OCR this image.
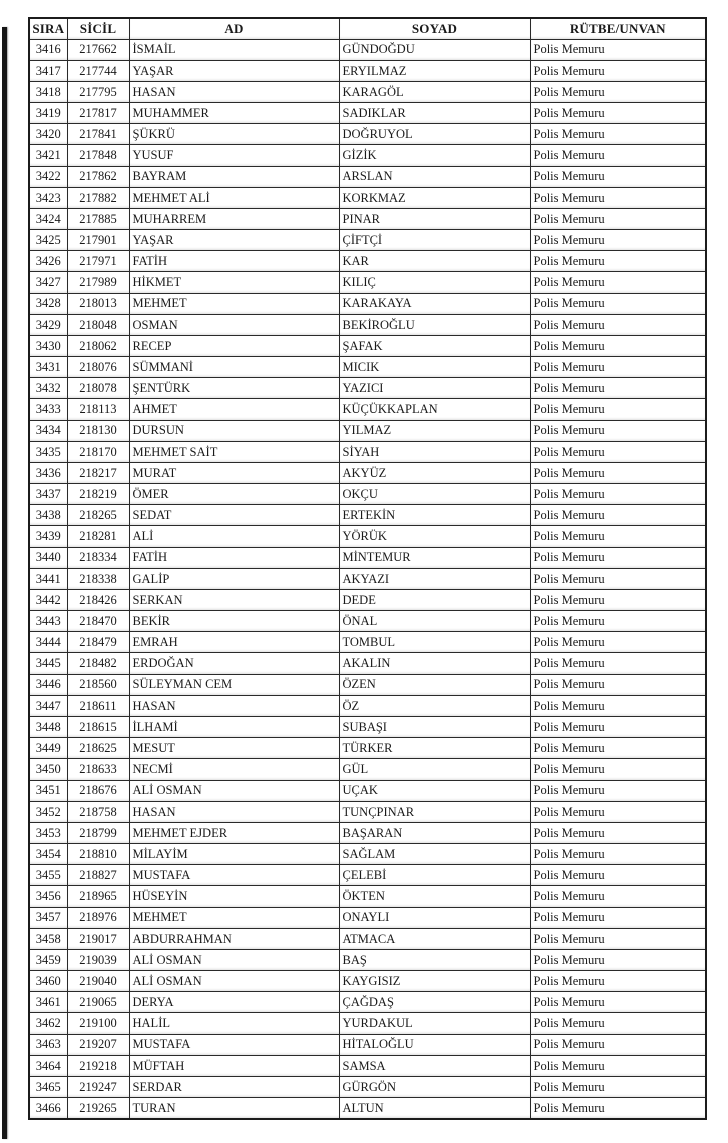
SIRA	SİCİL	AD	SOYAD	RÜTBE/UNVAN
3416	217662	İSMAİL	GÜNDOĞDU	Polis Memuru
3417	217744	YAŞAR	ERYILMAZ	Polis Memuru
3418	217795	HASAN	KARAGÖL	Polis Memuru
3419	217817	MUHAMMER	SADIKLAR	Polis Memuru
3420	217841	ŞÜKRÜ	DOĞRUYOL	Polis Memuru
3421	217848	YUSUF	GİZİK	Polis Memuru
3422	217862	BAYRAM	ARSLAN	Polis Memuru
3423	217882	MEHMET ALİ	KORKMAZ	Polis Memuru
3424	217885	MUHARREM	PINAR	Polis Memuru
3425	217901	YAŞAR	ÇİFTÇİ	Polis Memuru
3426	217971	FATİH	KAR	Polis Memuru
3427	217989	HİKMET	KILIÇ	Polis Memuru
3428	218013	MEHMET	KARAKAYA	Polis Memuru
3429	218048	OSMAN	BEKİROĞLU	Polis Memuru
3430	218062	RECEP	ŞAFAK	Polis Memuru
3431	218076	SÜMMANİ	MICIK	Polis Memuru
3432	218078	ŞENTÜRK	YAZICI	Polis Memuru
3433	218113	AHMET	KÜÇÜKKAPLAN	Polis Memuru
3434	218130	DURSUN	YILMAZ	Polis Memuru
3435	218170	MEHMET SAİT	SİYAH	Polis Memuru
3436	218217	MURAT	AKYÜZ	Polis Memuru
3437	218219	ÖMER	OKÇU	Polis Memuru
3438	218265	SEDAT	ERTEKİN	Polis Memuru
3439	218281	ALİ	YÖRÜK	Polis Memuru
3440	218334	FATİH	MİNTEMUR	Polis Memuru
3441	218338	GALİP	AKYAZI	Polis Memuru
3442	218426	SERKAN	DEDE	Polis Memuru
3443	218470	BEKİR	ÖNAL	Polis Memuru
3444	218479	EMRAH	TOMBUL	Polis Memuru
3445	218482	ERDOĞAN	AKALIN	Polis Memuru
3446	218560	SÜLEYMAN CEM	ÖZEN	Polis Memuru
3447	218611	HASAN	ÖZ	Polis Memuru
3448	218615	İLHAMİ	SUBAŞI	Polis Memuru
3449	218625	MESUT	TÜRKER	Polis Memuru
3450	218633	NECMİ	GÜL	Polis Memuru
3451	218676	ALİ OSMAN	UÇAK	Polis Memuru
3452	218758	HASAN	TUNÇPINAR	Polis Memuru
3453	218799	MEHMET EJDER	BAŞARAN	Polis Memuru
3454	218810	MİLAYİM	SAĞLAM	Polis Memuru
3455	218827	MUSTAFA	ÇELEBİ	Polis Memuru
3456	218965	HÜSEYİN	ÖKTEN	Polis Memuru
3457	218976	MEHMET	ONAYLI	Polis Memuru
3458	219017	ABDURRAHMAN	ATMACA	Polis Memuru
3459	219039	ALİ OSMAN	BAŞ	Polis Memuru
3460	219040	ALİ OSMAN	KAYGISIZ	Polis Memuru
3461	219065	DERYA	ÇAĞDAŞ	Polis Memuru
3462	219100	HALİL	YURDAKUL	Polis Memuru
3463	219207	MUSTAFA	HİTALOĞLU	Polis Memuru
3464	219218	MÜFTAH	SAMSA	Polis Memuru
3465	219247	SERDAR	GÜRGÖN	Polis Memuru
3466	219265	TURAN	ALTUN	Polis Memuru
